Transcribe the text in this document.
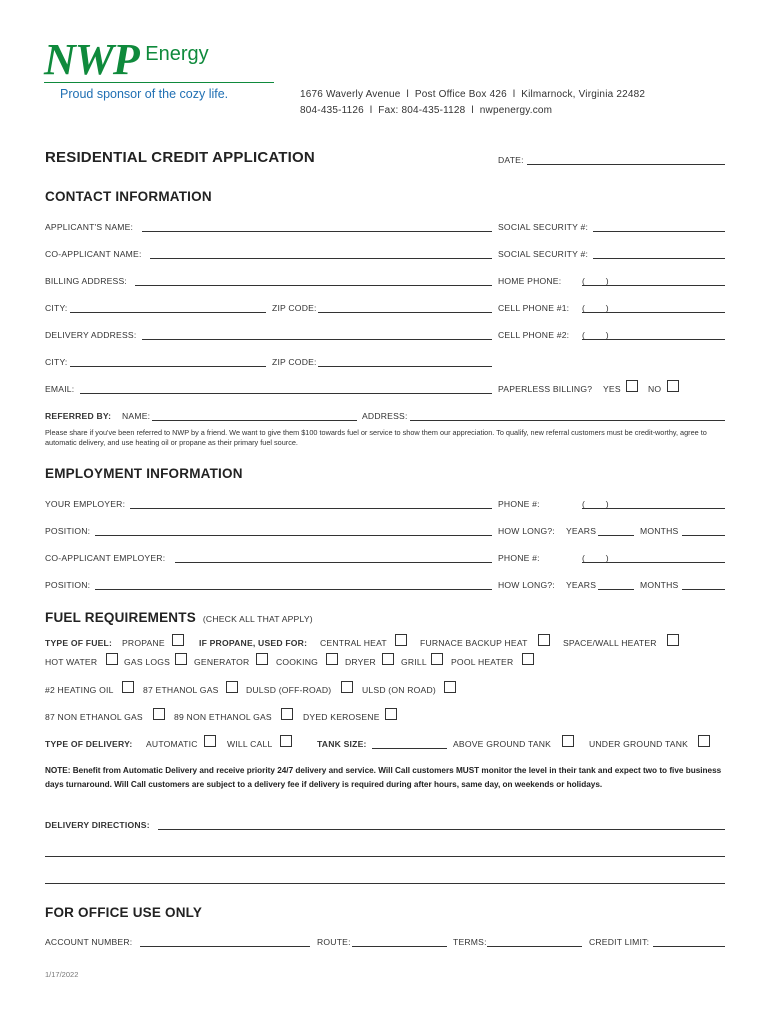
NWP Energy
Proud sponsor of the cozy life.	1676 Waverly Avenue  l  Post Office Box 426  l  Kilmarnock, Virginia 22482
804-435-1126  l  Fax: 804-435-1128  l  nwpenergy.com
RESIDENTIAL CREDIT APPLICATION	DATE:
CONTACT INFORMATION
APPLICANT'S NAME:	SOCIAL SECURITY #:
CO-APPLICANT NAME:	SOCIAL SECURITY #:
BILLING ADDRESS:	HOME PHONE: (        )
CITY:	ZIP CODE:	CELL PHONE #1: (        )
DELIVERY ADDRESS:	CELL PHONE #2: (        )
CITY:	ZIP CODE:
EMAIL:	PAPERLESS BILLING? YES	NO
REFERRED BY: NAME:	ADDRESS:
Please share if you've been referred to NWP by a friend. We want to give them $100 towards fuel or service to show them our appreciation. To qualify, new referral customers must be credit-worthy, agree to automatic delivery, and use heating oil or propane as their primary fuel source.
EMPLOYMENT INFORMATION
YOUR EMPLOYER:	PHONE #:	(        )
POSITION:	HOW LONG?: YEARS	MONTHS
CO-APPLICANT EMPLOYER:	PHONE #:	(        )
POSITION:	HOW LONG?: YEARS	MONTHS
FUEL REQUIREMENTS (CHECK ALL THAT APPLY)
TYPE OF FUEL: PROPANE	IF PROPANE, USED FOR: CENTRAL HEAT	FURNACE BACKUP HEAT	SPACE/WALL HEATER
HOT WATER	GAS LOGS	GENERATOR	COOKING	DRYER	GRILL	POOL HEATER
#2 HEATING OIL	87 ETHANOL GAS	DULSD (OFF-ROAD)	ULSD (ON ROAD)
87 NON ETHANOL GAS	89 NON ETHANOL GAS	DYED KEROSENE
TYPE OF DELIVERY: AUTOMATIC	WILL CALL	TANK SIZE:	ABOVE GROUND TANK	UNDER GROUND TANK
NOTE: Benefit from Automatic Delivery and receive priority 24/7 delivery and service. Will Call customers MUST monitor the level in their tank and expect two to five business days turnaround. Will Call customers are subject to a delivery fee if delivery is required during after hours, same day, on weekends or holidays.
DELIVERY DIRECTIONS:
FOR OFFICE USE ONLY
ACCOUNT NUMBER:	ROUTE:	TERMS:	CREDIT LIMIT:
1/17/2022
